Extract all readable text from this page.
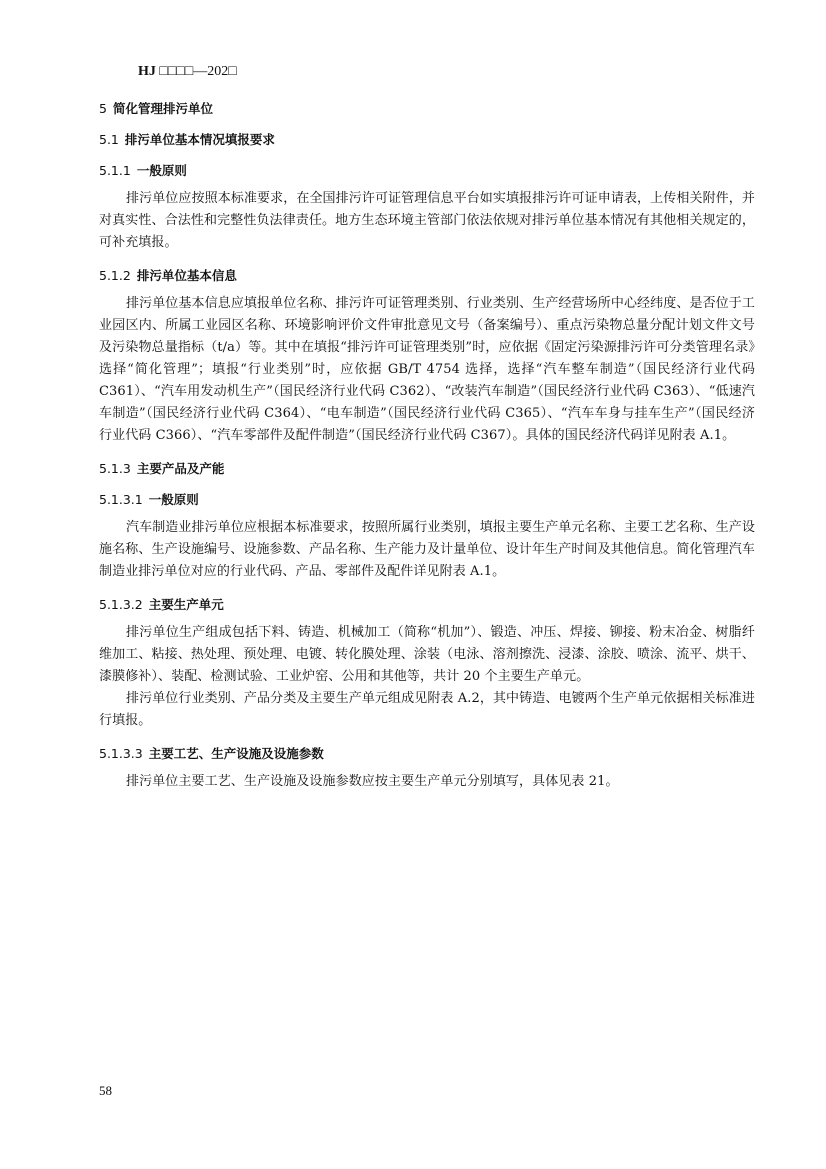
HJ □□□□—202□
5 简化管理排污单位
5.1 排污单位基本情况填报要求
5.1.1 一般原则

排污单位应按照本标准要求，在全国排污许可证管理信息平台如实填报排污许可证申请表，上传相关附件，并对真实性、合法性和完整性负法律责任。地方生态环境主管部门依法依规对排污单位基本情况有其他相关规定的，可补充填报。

5.1.2 排污单位基本信息

排污单位基本信息应填报单位名称、排污许可证管理类别、行业类别、生产经营场所中心经纬度、是否位于工业园区内、所属工业园区名称、环境影响评价文件审批意见文号（备案编号）、重点污染物总量分配计划文件文号及污染物总量指标（t/a）等。其中在填报“排污许可证管理类别”时，应依据《固定污染源排污许可分类管理名录》选择“简化管理”；填报“行业类别”时，应依据 GB/T 4754 选择，选择“汽车整车制造”（国民经济行业代码 C361）、“汽车用发动机生产”（国民经济行业代码 C362）、“改装汽车制造”（国民经济行业代码 C363）、“低速汽车制造”（国民经济行业代码 C364）、“电车制造”（国民经济行业代码 C365）、“汽车车身与挂车生产”（国民经济行业代码 C366）、“汽车零部件及配件制造”（国民经济行业代码 C367）。具体的国民经济代码详见附表 A.1。

5.1.3 主要产品及产能
5.1.3.1 一般原则

汽车制造业排污单位应根据本标准要求，按照所属行业类别，填报主要生产单元名称、主要工艺名称、生产设施名称、生产设施编号、设施参数、产品名称、生产能力及计量单位、设计年生产时间及其他信息。简化管理汽车制造业排污单位对应的行业代码、产品、零部件及配件详见附表 A.1。

5.1.3.2 主要生产单元

排污单位生产组成包括下料、铸造、机械加工（简称“机加”）、锻造、冲压、焊接、铆接、粉末冶金、树脂纤维加工、粘接、热处理、预处理、电镀、转化膜处理、涂装（电泳、溶剂擦洗、浸漆、涂胶、喷涂、流平、烘干、漆膜修补）、装配、检测试验、工业炉窑、公用和其他等，共计 20 个主要生产单元。

排污单位行业类别、产品分类及主要生产单元组成见附表 A.2，其中铸造、电镀两个生产单元依据相关标准进行填报。

5.1.3.3 主要工艺、生产设施及设施参数

排污单位主要工艺、生产设施及设施参数应按主要生产单元分别填写，具体见表 21。

58
